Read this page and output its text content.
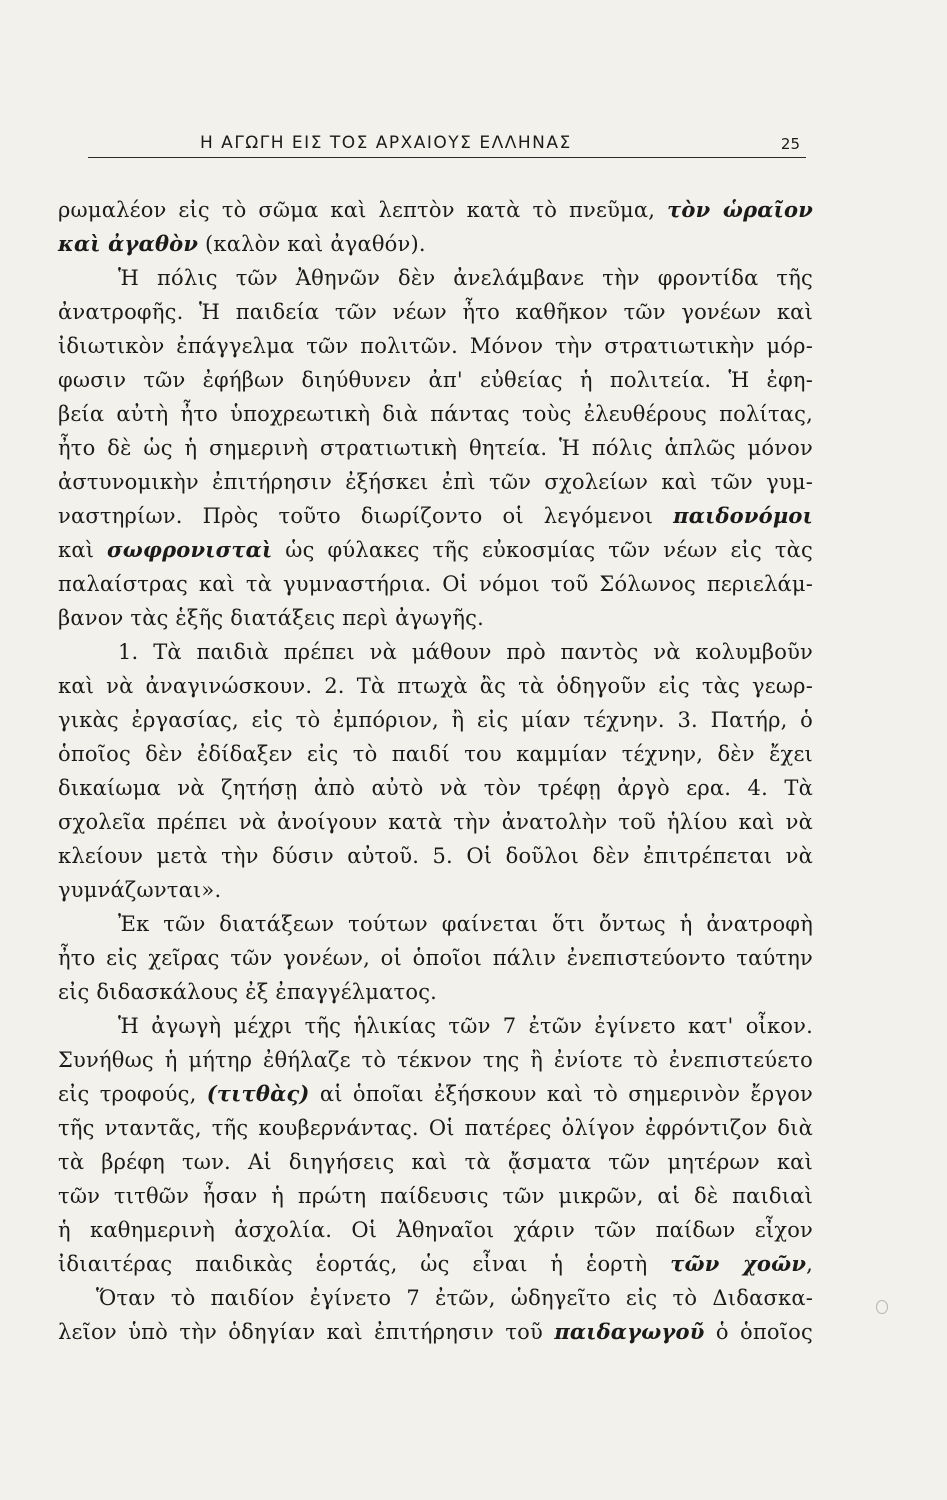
Η ΑΓΩΓΗ ΕΙΣ ΤΟΣ ΑΡΧΑΙΟΥΣ ΕΛΛΗΝΑΣ	25
ρωμαλέον εἰς τὸ σῶμα καὶ λεπτὸν κατὰ τὸ πνεῦμα, τὸν ὡραῖον
καὶ ἀγαθὸν (καλὸν καὶ ἀγαθόν).
Ἡ πόλις τῶν Ἀθηνῶν δὲν ἀνελάμβανε τὴν φροντίδα τῆς
ἀνατροφῆς. Ἡ παιδεία τῶν νέων ἦτο καθῆκον τῶν γονέων καὶ
ἰδιωτικὸν ἐπάγγελμα τῶν πολιτῶν. Μόνον τὴν στρατιωτικὴν μόρ-
φωσιν τῶν ἐφήβων διηύθυνεν ἀπ' εὐθείας ἡ πολιτεία. Ἡ ἐφη-
βεία αὐτὴ ἦτο ὑποχρεωτικὴ διὰ πάντας τοὺς ἐλευθέρους πολίτας,
ἦτο δὲ ὡς ἡ σημερινὴ στρατιωτικὴ θητεία. Ἡ πόλις ἁπλῶς μόνον
ἀστυνομικὴν ἐπιτήρησιν ἐξήσκει ἐπὶ τῶν σχολείων καὶ τῶν γυμ-
ναστηρίων. Πρὸς τοῦτο διωρίζοντο οἱ λεγόμενοι παιδονόμοι
καὶ σωφρονισταὶ ὡς φύλακες τῆς εὐκοσμίας τῶν νέων εἰς τὰς
παλαίστρας καὶ τὰ γυμναστήρια. Οἱ νόμοι τοῦ Σόλωνος περιελάμ-
βανον τὰς ἑξῆς διατάξεις περὶ ἀγωγῆς.
1. Τὰ παιδιὰ πρέπει νὰ μάθουν πρὸ παντὸς νὰ κολυμβοῦν
καὶ νὰ ἀναγινώσκουν. 2. Τὰ πτωχὰ ἂς τὰ ὁδηγοῦν εἰς τὰς γεωρ-
γικὰς ἐργασίας, εἰς τὸ ἐμπόριον, ἢ εἰς μίαν τέχνην. 3. Πατήρ, ὁ
ὁποῖος δὲν ἐδίδαξεν εἰς τὸ παιδί του καμμίαν τέχνην, δὲν ἔχει
δικαίωμα νὰ ζητήσῃ ἀπὸ αὐτὸ νὰ τὸν τρέφῃ ἀργὸ ερα. 4. Τὰ
σχολεῖα πρέπει νὰ ἀνοίγουν κατὰ τὴν ἀνατολὴν τοῦ ἡλίου καὶ νὰ
κλείουν μετὰ τὴν δύσιν αὐτοῦ. 5. Οἱ δοῦλοι δὲν ἐπιτρέπεται νὰ
γυμνάζωνται».
Ἐκ τῶν διατάξεων τούτων φαίνεται ὅτι ὄντως ἡ ἀνατροφὴ
ἦτο εἰς χεῖρας τῶν γονέων, οἱ ὁποῖοι πάλιν ἐνεπιστεύοντο ταύτην
εἰς διδασκάλους ἐξ ἐπαγγέλματος.
Ἡ ἀγωγὴ μέχρι τῆς ἡλικίας τῶν 7 ἐτῶν ἐγίνετο κατ' οἶκον.
Συνήθως ἡ μήτηρ ἐθήλαζε τὸ τέκνον της ἢ ἐνίοτε τὸ ἐνεπιστεύετο
εἰς τροφούς, (τιτθὰς) αἱ ὁποῖαι ἐξήσκουν καὶ τὸ σημερινὸν ἔργον
τῆς νταντᾶς, τῆς κουβερνάντας. Οἱ πατέρες ὀλίγον ἐφρόντιζον διὰ
τὰ βρέφη των. Αἱ διηγήσεις καὶ τὰ ᾄσματα τῶν μητέρων καὶ
τῶν τιτθῶν ἦσαν ἡ πρώτη παίδευσις τῶν μικρῶν, αἱ δὲ παιδιαὶ
ἡ καθημερινὴ ἀσχολία. Οἱ Ἀθηναῖοι χάριν τῶν παίδων εἶχον
ἰδιαιτέρας παιδικὰς ἑορτάς, ὡς εἶναι ἡ ἑορτὴ τῶν χοῶν,
Ὅταν τὸ παιδίον ἐγίνετο 7 ἐτῶν, ὡδηγεῖτο εἰς τὸ Διδασκα-
λεῖον ὑπὸ τὴν ὁδηγίαν καὶ ἐπιτήρησιν τοῦ παιδαγωγοῦ ὁ ὁποῖος
